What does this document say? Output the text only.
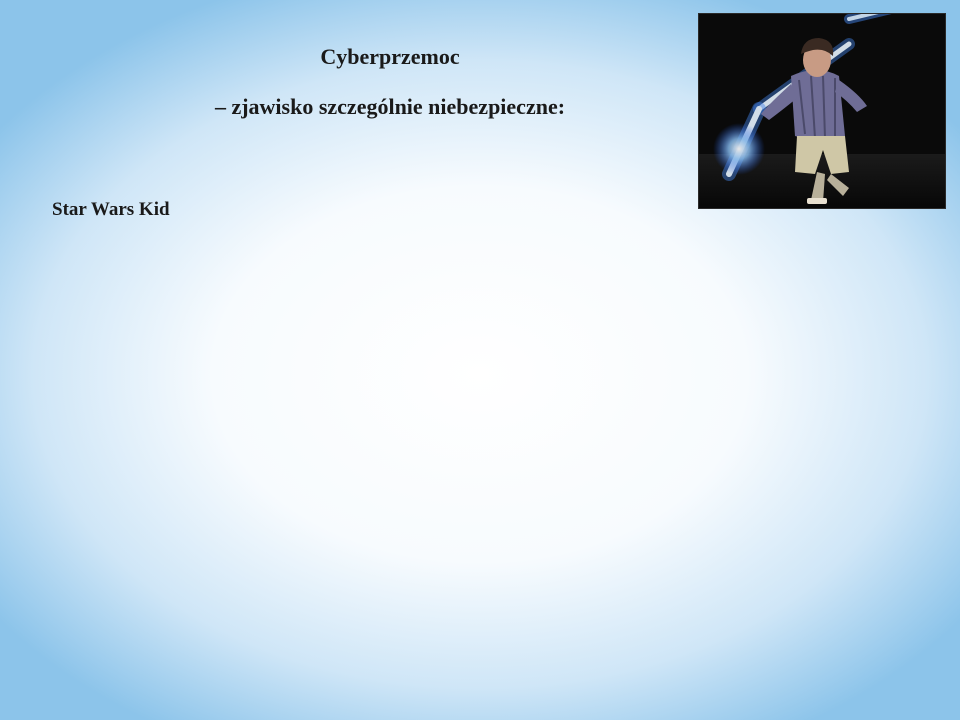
Cyberprzemoc
– zjawisko szczególnie niebezpieczne:

Star Wars Kid
